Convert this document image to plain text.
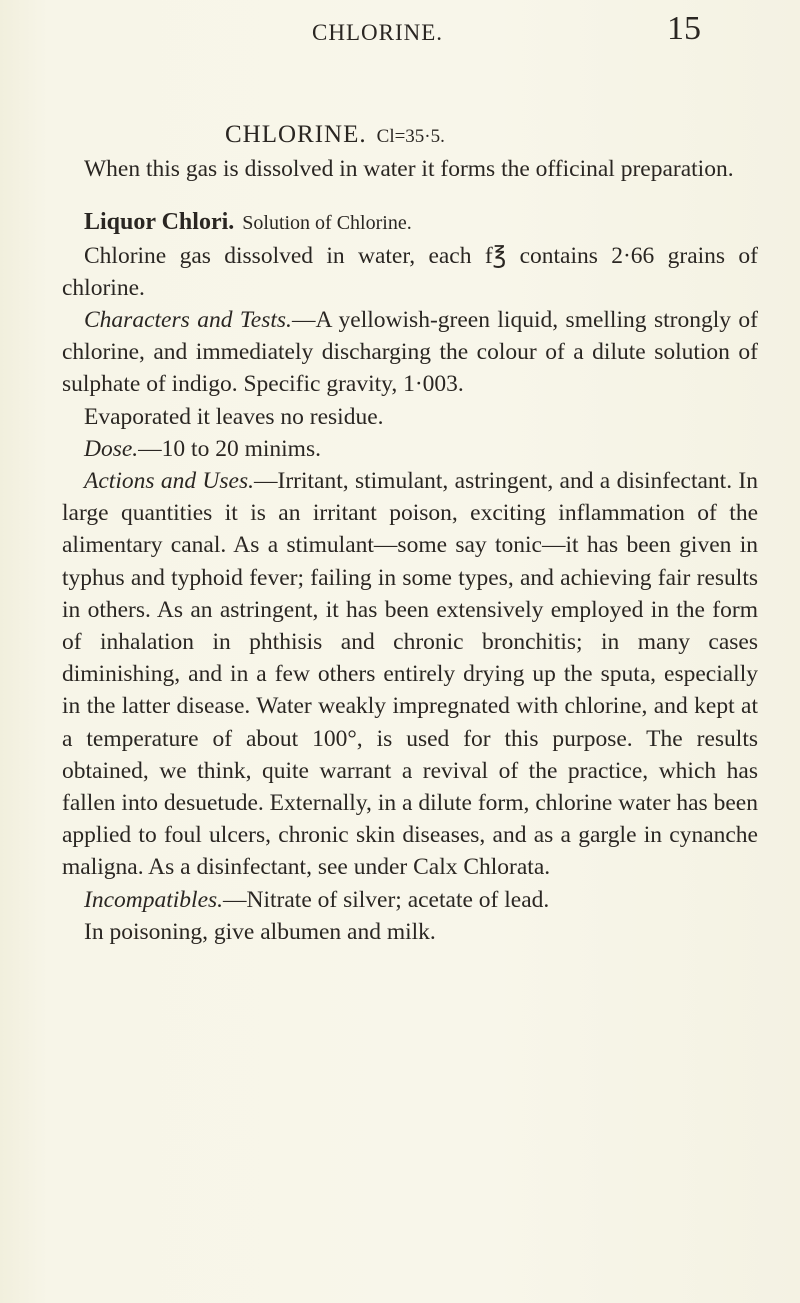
CHLORINE.	15

CHLORINE. Cl=35·5.

When this gas is dissolved in water it forms the officinal preparation.

Liquor Chlori. Solution of Chlorine.

Chlorine gas dissolved in water, each f℥ contains 2·66 grains of chlorine.

Characters and Tests.—A yellowish-green liquid, smelling strongly of chlorine, and immediately discharging the colour of a dilute solution of sulphate of indigo. Specific gravity, 1·003.

Evaporated it leaves no residue.

Dose.—10 to 20 minims.

Actions and Uses.—Irritant, stimulant, astringent, and a disinfectant. In large quantities it is an irritant poison, exciting inflammation of the alimentary canal. As a stimulant—some say tonic—it has been given in typhus and typhoid fever; failing in some types, and achieving fair results in others. As an astringent, it has been extensively employed in the form of inhalation in phthisis and chronic bronchitis; in many cases diminishing, and in a few others entirely drying up the sputa, especially in the latter disease. Water weakly impregnated with chlorine, and kept at a temperature of about 100°, is used for this purpose. The results obtained, we think, quite warrant a revival of the practice, which has fallen into desuetude. Externally, in a dilute form, chlorine water has been applied to foul ulcers, chronic skin diseases, and as a gargle in cynanche maligna. As a disinfectant, see under Calx Chlorata.

Incompatibles.—Nitrate of silver; acetate of lead.

In poisoning, give albumen and milk.
